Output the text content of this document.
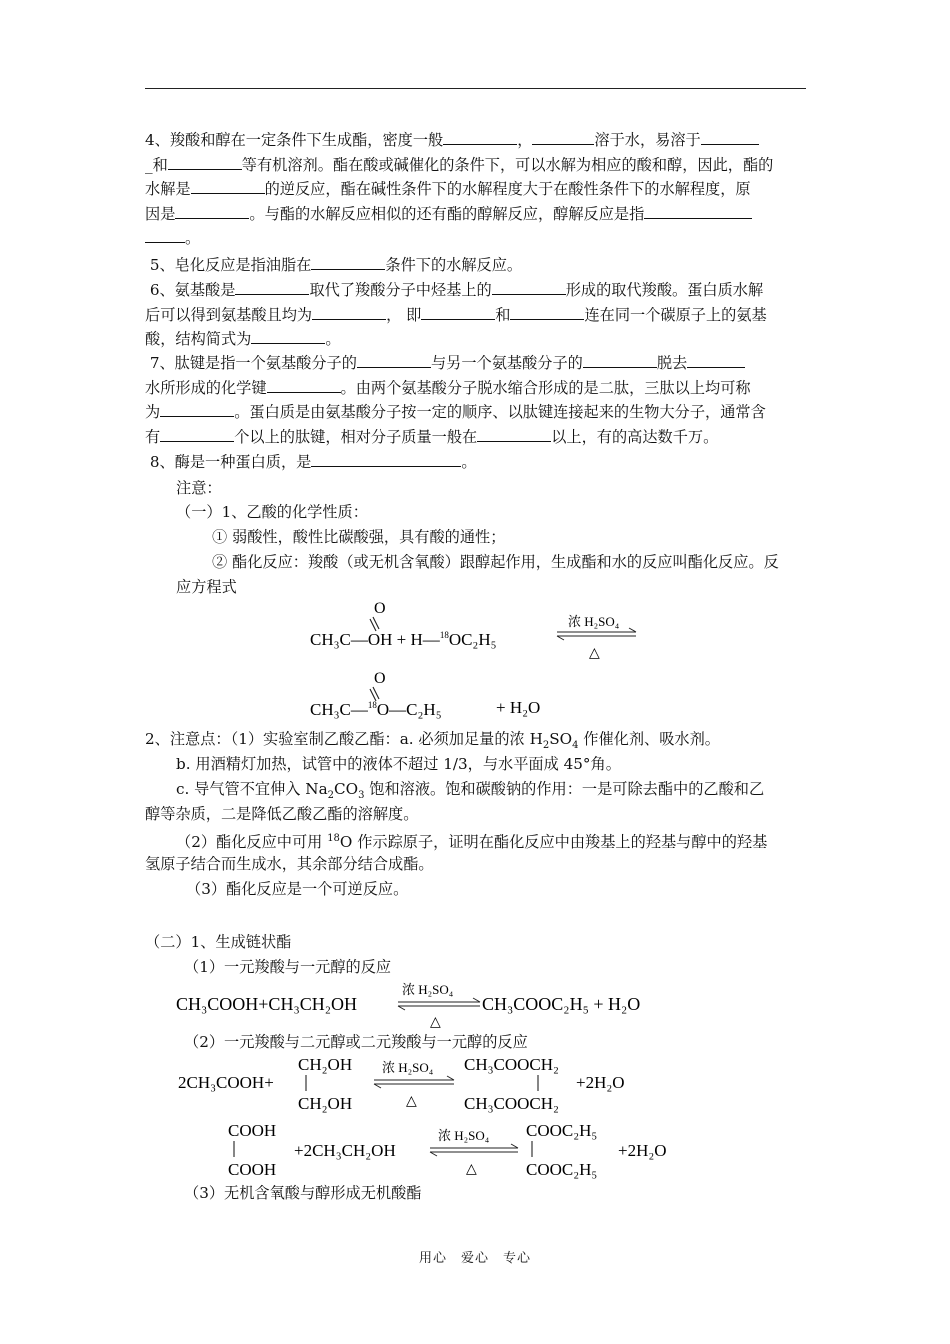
4、羧酸和醇在一定条件下生成酯，密度一般	，	溶于水，易溶于
_和	等有机溶剂。酯在酸或碱催化的条件下，可以水解为相应的酸和醇，因此，酯的
水解是	的逆反应，酯在碱性条件下的水解程度大于在酸性条件下的水解程度，原
因是	。与酯的水解反应相似的还有酯的醇解反应，醇解反应是指
。
5、皂化反应是指油脂在	条件下的水解反应。
6、氨基酸是	取代了羧酸分子中烃基上的	形成的取代羧酸。蛋白质水解
后可以得到氨基酸且均为	， 即	和	连在同一个碳原子上的氨基
酸，结构简式为	。
7、肽键是指一个氨基酸分子的	与另一个氨基酸分子的	脱去
水所形成的化学键	。由两个氨基酸分子脱水缩合形成的是二肽，三肽以上均可称
为	。蛋白质是由氨基酸分子按一定的顺序、以肽键连接起来的生物大分子，通常含
有	个以上的肽键，相对分子质量一般在	以上，有的高达数千万。
8、酶是一种蛋白质，是	。
注意：
（一）1、乙酸的化学性质：
① 弱酸性，酸性比碳酸强，具有酸的通性；
② 酯化反应：羧酸（或无机含氧酸）跟醇起作用，生成酯和水的反应叫酯化反应。反
应方程式
O
CH₃C—OH + H—$^{18}$OC₂H₅
浓 H₂SO₄
△
O
CH₃C—$^{18}$O—C₂H₅	+ H₂O
2、注意点：（1）实验室制乙酸乙酯：a. 必须加足量的浓 $H_2SO_4$ 作催化剂、吸水剂。
b. 用酒精灯加热，试管中的液体不超过 1/3，与水平面成 45°角。
c. 导气管不宜伸入 $Na_2CO_3$ 饱和溶液。饱和碳酸钠的作用：一是可除去酯中的乙酸和乙
醇等杂质，二是降低乙酸乙酯的溶解度。
（2）酯化反应中可用 $^{18}$O 作示踪原子，证明在酯化反应中由羧基上的羟基与醇中的羟基
氢原子结合而生成水，其余部分结合成酯。
（3）酯化反应是一个可逆反应。
（二）1、生成链状酯
（1）一元羧酸与一元醇的反应
CH₃COOH+CH₃CH₂OH
浓 H₂SO₄
△
CH₃COOC₂H₅ + H₂O
（2）一元羧酸与二元醇或二元羧酸与一元醇的反应
2CH₃COOH+
CH₂OH
CH₂OH
浓 H₂SO₄
△
CH₃COOCH₂
CH₃COOCH₂
+2H₂O
COOH
COOH
+2CH₃CH₂OH
浓 H₂SO₄
△
COOC₂H₅
COOC₂H₅
+2H₂O
（3）无机含氧酸与醇形成无机酸酯
用心　爱心　专心
